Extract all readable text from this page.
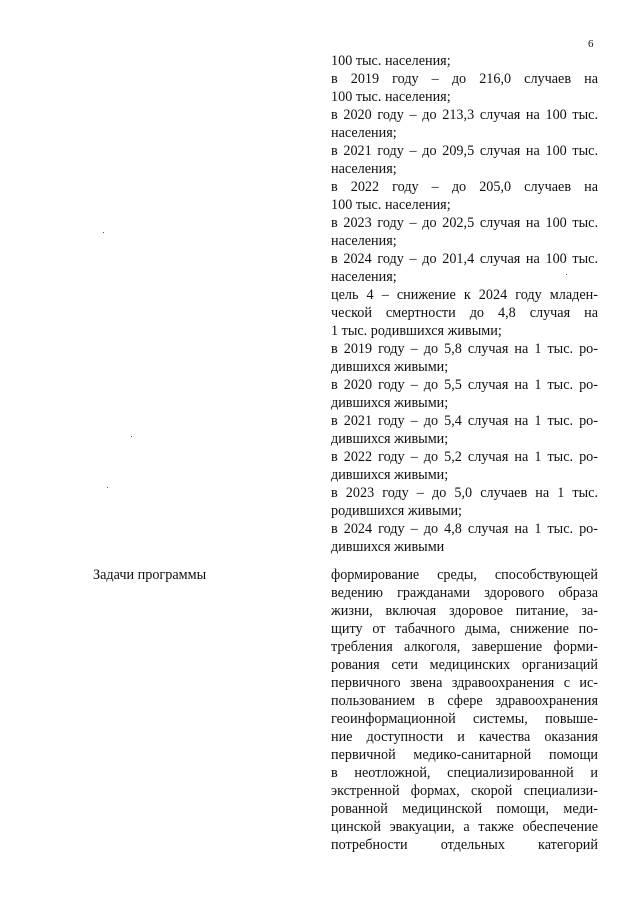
6
100 тыс. населения;
в 2019 году – до 216,0 случаев на
100 тыс. населения;
в 2020 году – до 213,3 случая на 100 тыс.
населения;
в 2021 году – до 209,5 случая на 100 тыс.
населения;
в 2022 году – до 205,0 случаев на
100 тыс. населения;
в 2023 году – до 202,5 случая на 100 тыс.
населения;
в 2024 году – до 201,4 случая на 100 тыс.
населения;
цель 4 – снижение к 2024 году младен-
ческой смертности до 4,8 случая на
1 тыс. родившихся живыми;
в 2019 году – до 5,8 случая на 1 тыс. ро-
дившихся живыми;
в 2020 году – до 5,5 случая на 1 тыс. ро-
дившихся живыми;
в 2021 году – до 5,4 случая на 1 тыс. ро-
дившихся живыми;
в 2022 году – до 5,2 случая на 1 тыс. ро-
дившихся живыми;
в 2023 году – до 5,0 случаев на 1 тыс.
родившихся живыми;
в 2024 году – до 4,8 случая на 1 тыс. ро-
дившихся живыми
Задачи программы	формирование среды, способствующей
ведению гражданами здорового образа
жизни, включая здоровое питание, за-
щиту от табачного дыма, снижение по-
требления алкоголя, завершение форми-
рования сети медицинских организаций
первичного звена здравоохранения с ис-
пользованием в сфере здравоохранения
геоинформационной системы, повыше-
ние доступности и качества оказания
первичной медико-санитарной помощи
в неотложной, специализированной и
экстренной формах, скорой специализи-
рованной медицинской помощи, меди-
цинской эвакуации, а также обеспечение
потребности отдельных категорий
